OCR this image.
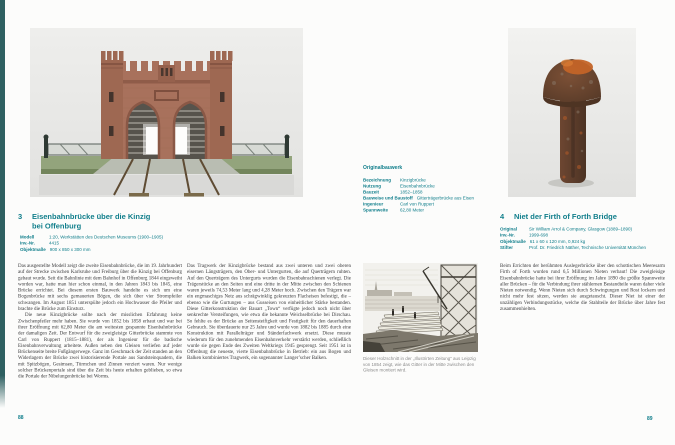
3 Eisenbahnbrücke über die Kinzig
bei Offenburg
Modell	1:20, Werkstätten des Deutschen Museums (1900–1905)
Inv.-Nr.	4415
Objektmaße 900 x 850 x 300 mm

Das ausgestellte Modell zeigt die zweite Eisenbahnbrücke, die im 19. Jahrhundert auf der Strecke zwischen Karlsruhe und Freiburg über die Kinzig bei Offenburg gebaut wurde. Seit die Bahnlinie mit dem Bahnhof in Offenburg 1844 eingeweiht worden war, hatte man hier schon einmal, in den Jahren 1843 bis 1845, eine Brücke errichtet. Bei diesem ersten Bauwerk handelte es sich um eine Bogenbrücke mit sechs gemauerten Bögen, die sich über vier Strompfeiler schwangen. Im August 1851 unterspülte jedoch ein Hochwasser die Pfeiler und brachte die Brücke zum Einsturz.

Die neue Kinzigbrücke sollte nach der misslichen Erfahrung keine Zwischenpfeiler mehr haben. Sie wurde von 1852 bis 1858 erbaut und war bei ihrer Eröffnung mit 62,80 Meter die am weitesten gespannte Eisenbahnbrücke der damaligen Zeit. Der Entwurf für die zweigleisige Gitterbrücke stammte von Carl von Ruppert (1815–1881), der als Ingenieur für die badische Eisenbahnverwaltung arbeitete. Außen neben den Gleisen verliefen auf jeder Brückenseite breite Fußgängerwege. Ganz im Geschmack der Zeit standen an den Widerlagern der Brücke zwei historisierende Portale aus Sandsteinquadern, die mit Spitzbögen, Gesimsen, Türmchen und Zinnen verziert waren. Nur wenige solcher Brückenportale sind über die Zeit bis heute erhalten geblieben, so etwa die Portale der Nibelungenbrücke bei Worms.

Das Tragwerk der Kinzigbrücke bestand aus zwei unteren und zwei oberen eisernen Längsträgern, den Ober- und Untergurten, die auf Querträgern ruhten. Auf den Querträgern des Untergurts wurden die Eisenbahnschienen verlegt. Die Trägerstücke an den Seiten und eine dritte in der Mitte zwischen den Schienen waren jeweils 74,53 Meter lang und 4,28 Meter hoch. Zwischen den Trägern war ein engmaschiges Netz aus schrägwinklig gekreuzten Flacheisen befestigt, die – ebenso wie die Gurtungen – aus Gusseisen von einheitlicher Stärke bestanden. Diese Gitterkonstruktion der Bauart „Town“ verfügte jedoch noch nicht über senkrechte Versteifungen, wie etwa die bekannte Weichselbrücke bei Dirschau. So fehlte es der Brücke an Seitensteifigkeit und Festigkeit für den dauerhaften Gebrauch. Sie überdauerte nur 25 Jahre und wurde von 1882 bis 1885 durch eine Konstruktion mit Parallelträger und Ständerfachwerk ersetzt. Diese musste wiederum für den zunehmenden Eisenbahnverkehr verstärkt werden, schließlich wurde sie gegen Ende des Zweiten Weltkriegs 1945 gesprengt. Seit 1951 ist in Offenburg die neueste, vierte Eisenbahnbrücke in Betrieb: ein aus Bogen und Balken kombiniertes Tragwerk, ein sogenannter Langer’scher Balken.

88
Originalbauwerk
Bezeichnung Kinzigbrücke
Nutzung	Eisenbahnbrücke
Bauzeit	1852–1858
Bauweise und Baustoff Gitterträgerbrücke aus Eisen
Ingenieur	Carl von Ruppert
Spannweite	62,80 Meter
Dieser Holzschnitt in der „Illustrirten Zeitung“ aus Leipzig von 1854 zeigt, wie das Gitter in der Mitte zwischen den Gleisen montiert wird.
4 Niet der Firth of Forth Bridge
Original	Sir William Arrol & Company, Glasgow (1889–1890)
Inv.-Nr.	1999-698
Objektmaße 61 x 60 x 120 mm, 0,924 kg
Stifter	Prof. Dr. Friedrich Näther, Technische Universität München

Beim Errichten der berühmten Auslegerbrücke über den schottischen Meeresarm Firth of Forth wurden rund 6,5 Millionen Nieten verbaut! Die zweigleisige Eisenbahnbrücke hatte bei ihrer Eröffnung im Jahre 1890 die größte Spannweite aller Brücken – für die Verbindung ihrer stählernen Bestandteile waren daher viele Nieten notwendig. Wenn Nieten sich durch Schwingungen und Rost lockern und nicht mehr fest sitzen, werden sie ausgetauscht. Dieser Niet ist einer der unzähligen Verbindungsstücke, welche die Stahlteile der Brücke über Jahre fest zusammenhielten.

89
